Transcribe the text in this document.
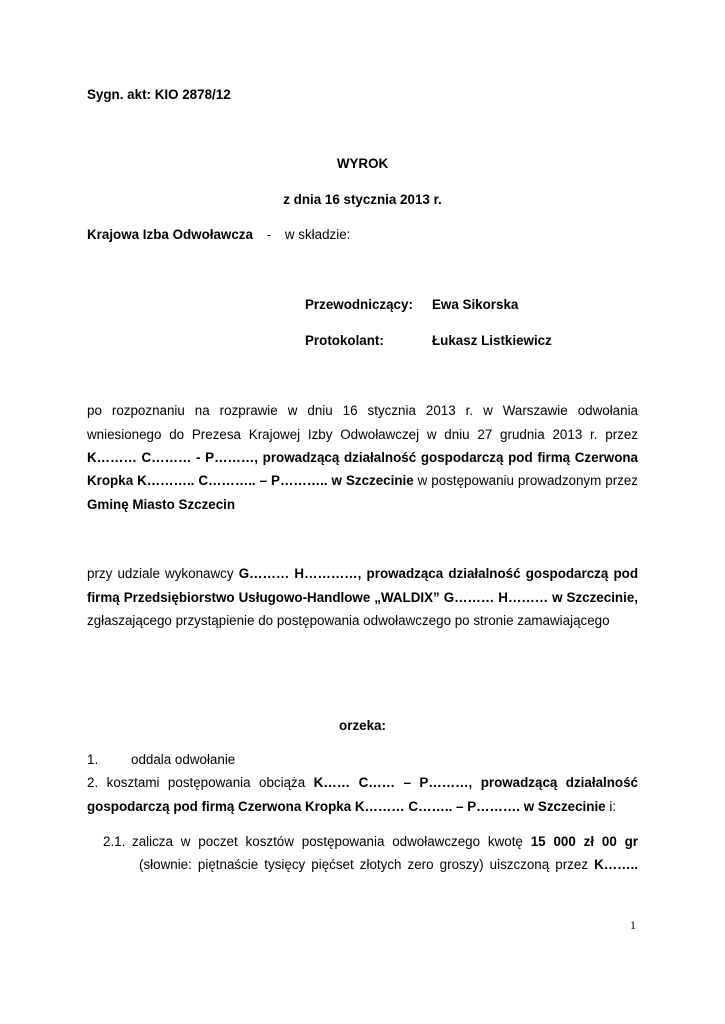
Sygn. akt: KIO 2878/12
WYROK
z dnia 16 stycznia 2013 r.
Krajowa Izba Odwoławcza - w składzie:
Przewodniczący: Ewa Sikorska
Protokolant:	Łukasz Listkiewicz
po rozpoznaniu na rozprawie w dniu 16 stycznia 2013 r. w Warszawie odwołania
wniesionego do Prezesa Krajowej Izby Odwoławczej w dniu 27 grudnia 2013 r. przez
K……… C……… - P………, prowadzącą działalność gospodarczą pod firmą Czerwona
Kropka K……….. C……….. – P……….. w Szczecinie w postępowaniu prowadzonym przez
Gminę Miasto Szczecin
przy udziale wykonawcy G……… H…………, prowadząca działalność gospodarczą pod
firmą Przedsiębiorstwo Usługowo-Handlowe „WALDIX” G……… H……… w Szczecinie,
zgłaszającego przystąpienie do postępowania odwoławczego po stronie zamawiającego
orzeka:
1. oddala odwołanie
2. kosztami postępowania obciąża K…… C…… – P………, prowadzącą działalność
gospodarczą pod firmą Czerwona Kropka K……… C…….. – P………. w Szczecinie i:
2.1. zalicza w poczet kosztów postępowania odwoławczego kwotę 15 000 zł 00 gr
(słownie: piętnaście tysięcy pięćset złotych zero groszy) uiszczoną przez K……..
1
